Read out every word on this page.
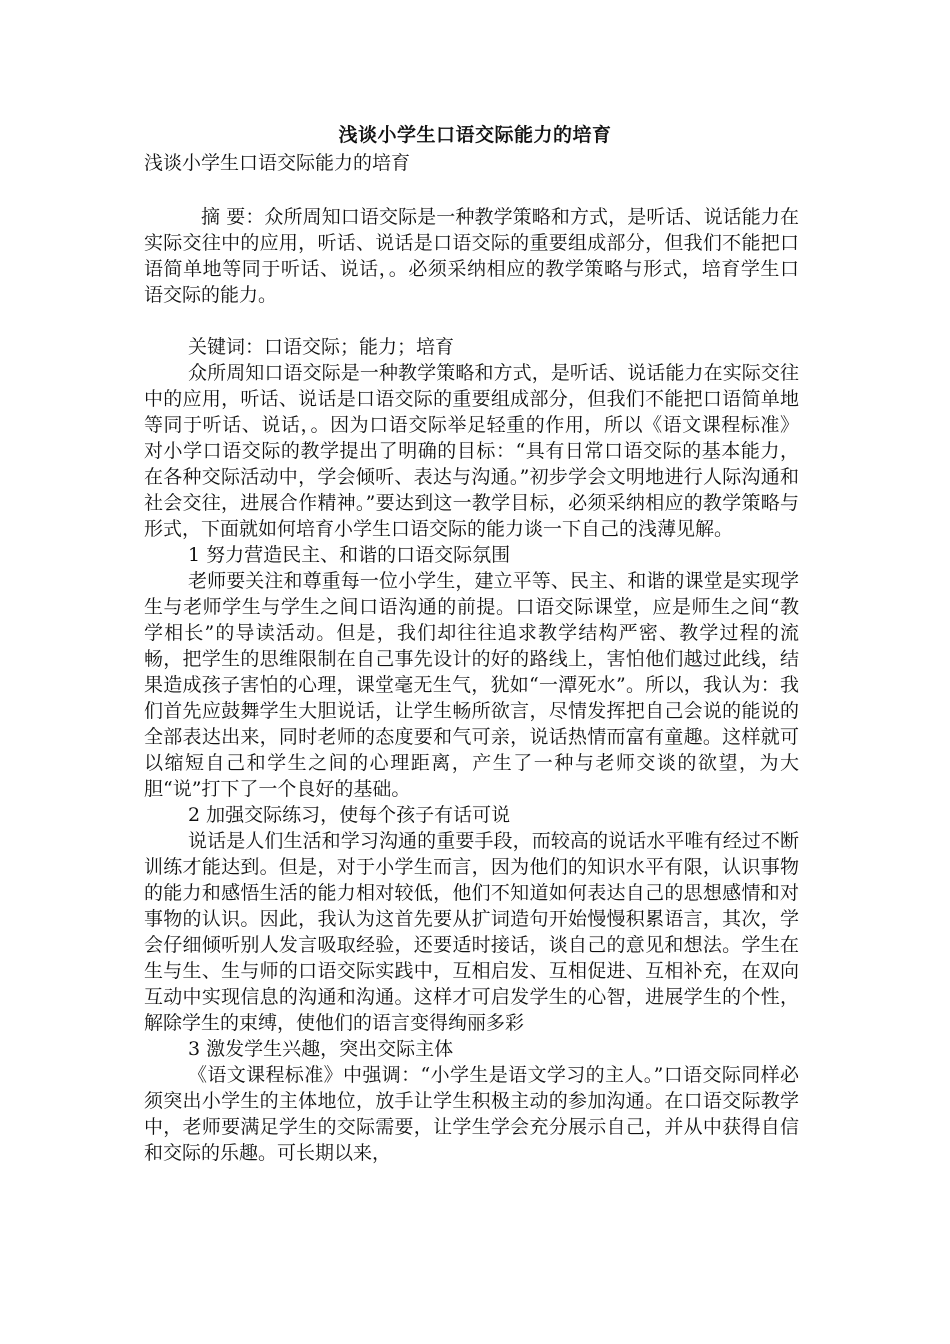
浅谈小学生口语交际能力的培育

浅谈小学生口语交际能力的培育

摘 要：众所周知口语交际是一种教学策略和方式，是听话、说话能力在实际交往中的应用，听话、说话是口语交际的重要组成部分，但我们不能把口语简单地等同于听话、说话，。必须采纳相应的教学策略与形式，培育学生口语交际的能力。

关键词：口语交际；能力；培育

众所周知口语交际是一种教学策略和方式，是听话、说话能力在实际交往中的应用，听话、说话是口语交际的重要组成部分，但我们不能把口语简单地等同于听话、说话，。因为口语交际举足轻重的作用，所以《语文课程标准》对小学口语交际的教学提出了明确的目标：“具有日常口语交际的基本能力，在各种交际活动中，学会倾听、表达与沟通。”初步学会文明地进行人际沟通和社会交往，进展合作精神。”要达到这一教学目标，必须采纳相应的教学策略与形式，下面就如何培育小学生口语交际的能力谈一下自己的浅薄见解。

1 努力营造民主、和谐的口语交际氛围

老师要关注和尊重每一位小学生，建立平等、民主、和谐的课堂是实现学生与老师学生与学生之间口语沟通的前提。口语交际课堂，应是师生之间“教学相长”的导读活动。但是，我们却往往追求教学结构严密、教学过程的流畅，把学生的思维限制在自己事先设计的好的路线上，害怕他们越过此线，结果造成孩子害怕的心理，课堂毫无生气，犹如“一潭死水”。所以，我认为：我们首先应鼓舞学生大胆说话，让学生畅所欲言，尽情发挥把自己会说的能说的全部表达出来，同时老师的态度要和气可亲，说话热情而富有童趣。这样就可以缩短自己和学生之间的心理距离，产生了一种与老师交谈的欲望，为大胆“说”打下了一个良好的基础。

2 加强交际练习，使每个孩子有话可说

说话是人们生活和学习沟通的重要手段，而较高的说话水平唯有经过不断训练才能达到。但是，对于小学生而言，因为他们的知识水平有限，认识事物的能力和感悟生活的能力相对较低，他们不知道如何表达自己的思想感情和对事物的认识。因此，我认为这首先要从扩词造句开始慢慢积累语言，其次，学会仔细倾听别人发言吸取经验，还要适时接话，谈自己的意见和想法。学生在生与生、生与师的口语交际实践中，互相启发、互相促进、互相补充，在双向互动中实现信息的沟通和沟通。这样才可启发学生的心智，进展学生的个性，解除学生的束缚，使他们的语言变得绚丽多彩

3 激发学生兴趣，突出交际主体

《语文课程标准》中强调：“小学生是语文学习的主人。”口语交际同样必须突出小学生的主体地位，放手让学生积极主动的参加沟通。在口语交际教学中，老师要满足学生的交际需要，让学生学会充分展示自己，并从中获得自信和交际的乐趣。可长期以来，
